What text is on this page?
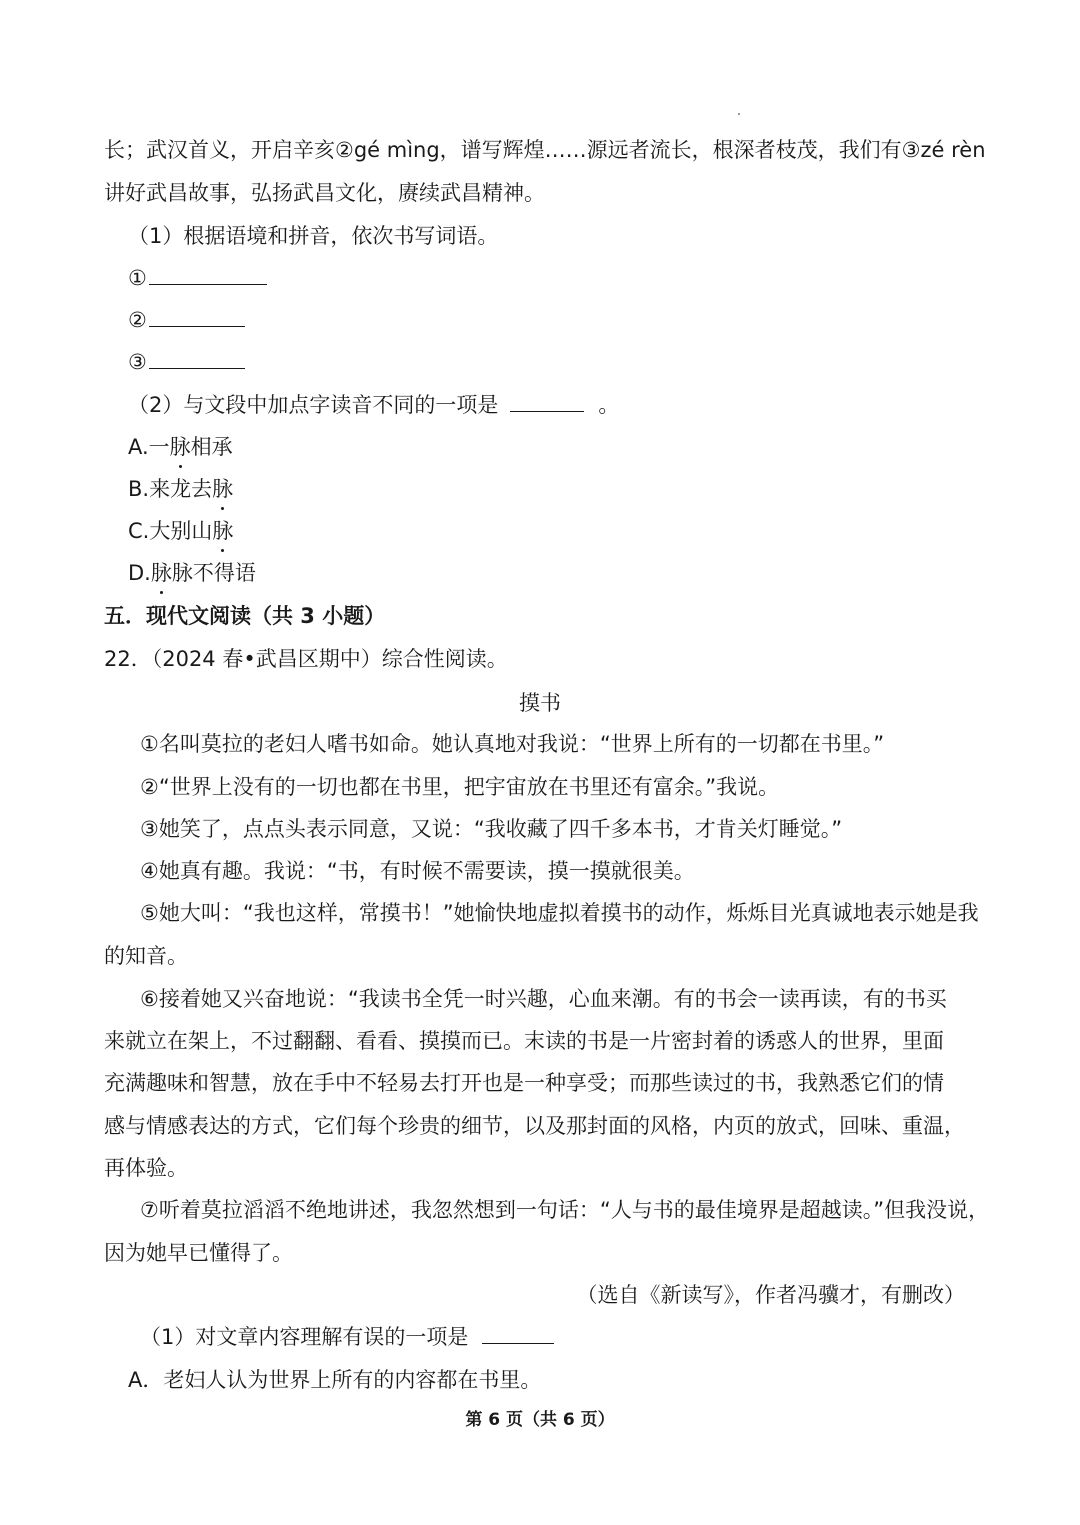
长；武汉首义，开启辛亥②gé mìng，谱写辉煌……源远者流长，根深者枝茂，我们有③zé rèn
讲好武昌故事，弘扬武昌文化，赓续武昌精神。
（1）根据语境和拼音，依次书写词语。
①
②
③
（2）与文段中加点字读音不同的一项是	。
A.一脉相承
B.来龙去脉
C.大别山脉
D.脉脉不得语
五．现代文阅读（共 3 小题）
22．（2024 春•武昌区期中）综合性阅读。
摸书
①名叫莫拉的老妇人嗜书如命。她认真地对我说：“世界上所有的一切都在书里。”
②“世界上没有的一切也都在书里，把宇宙放在书里还有富余。”我说。
③她笑了，点点头表示同意，又说：“我收藏了四千多本书，才肯关灯睡觉。”
④她真有趣。我说：“书，有时候不需要读，摸一摸就很美。
⑤她大叫：“我也这样，常摸书！”她愉快地虚拟着摸书的动作，烁烁目光真诚地表示她是我
的知音。
⑥接着她又兴奋地说：“我读书全凭一时兴趣，心血来潮。有的书会一读再读，有的书买
来就立在架上，不过翻翻、看看、摸摸而已。末读的书是一片密封着的诱惑人的世界，里面
充满趣味和智慧，放在手中不轻易去打开也是一种享受；而那些读过的书，我熟悉它们的情
感与情感表达的方式，它们每个珍贵的细节，以及那封面的风格，内页的放式，回味、重温，
再体验。
⑦听着莫拉滔滔不绝地讲述，我忽然想到一句话：“人与书的最佳境界是超越读。”但我没说，
因为她早已懂得了。
（选自《新读写》，作者冯骥才，有删改）
（1）对文章内容理解有误的一项是
A．老妇人认为世界上所有的内容都在书里。
第 6 页（共 6 页）
